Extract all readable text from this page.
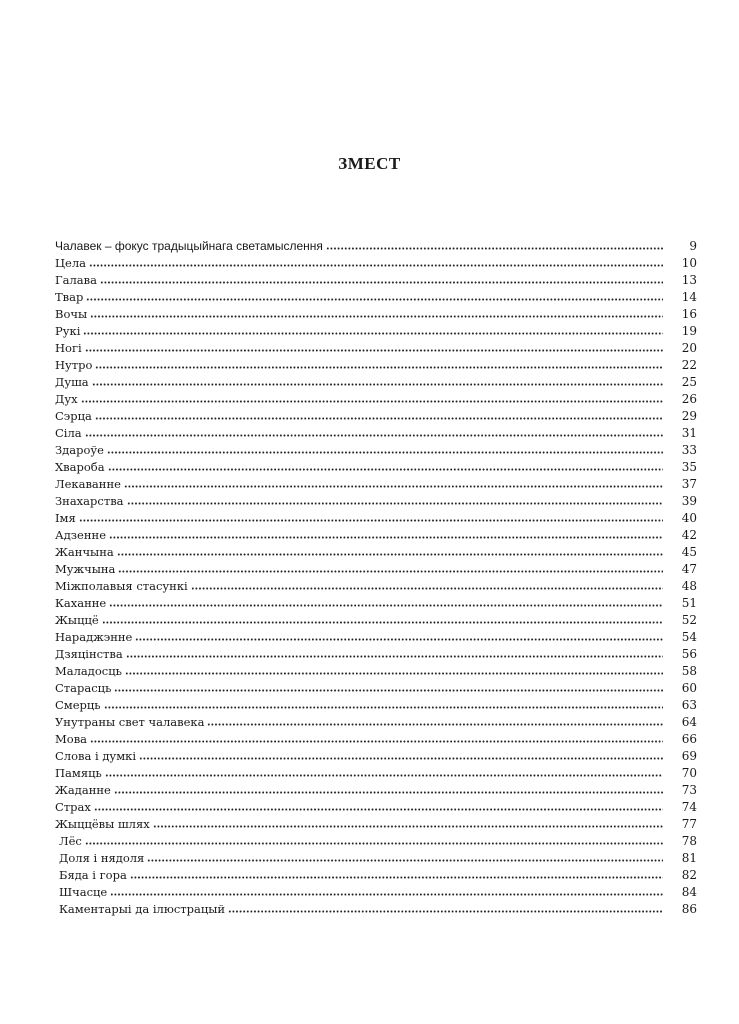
ЗМЕСТ
Чалавек – фокус традыцыйнага светамыслення	9
Цела	10
Галава	13
Твар	14
Вочы	16
Рукі	19
Ногі	20
Нутро	22
Душа	25
Дух	26
Сэрца	29
Сіла	31
Здароўе	33
Хвароба	35
Лекаванне	37
Знахарства	39
Імя	40
Адзенне	42
Жанчына	45
Мужчына	47
Міжполавыя стасункі	48
Каханне	51
Жыццё	52
Нараджэнне	54
Дзяцінства	56
Маладосць	58
Старасць	60
Смерць	63
Унутраны свет чалавека	64
Мова	66
Слова і думкі	69
Памяць	70
Жаданне	73
Страх	74
Жыццёвы шлях	77
Лёс	78
Доля і нядоля	81
Бяда і гора	82
Шчасце	84
Каментарыі да ілюстрацый	86
